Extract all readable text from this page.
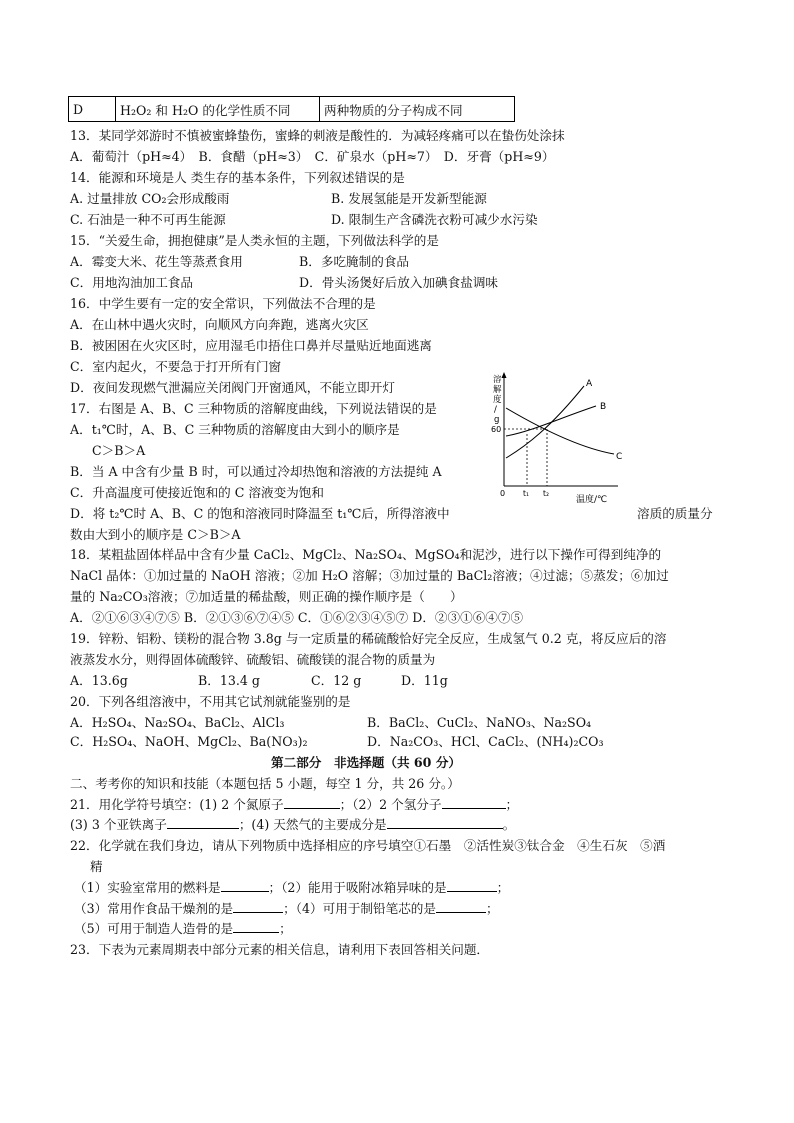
D	H₂O₂ 和 H₂O 的化学性质不同	两种物质的分子构成不同
13．某同学郊游时不慎被蜜蜂蛰伤，蜜蜂的刺液是酸性的．为减轻疼痛可以在蛰伤处涂抹
A．葡萄汁（pH≈4）　B．食醋（pH≈3）　C．矿泉水（pH≈7）　D．牙膏（pH≈9）
14．能源和环境是人 类生存的基本条件，下列叙述错误的是
A. 过量排放 CO₂会形成酸雨	B. 发展氢能是开发新型能源
C. 石油是一种不可再生能源	D. 限制生产含磷洗衣粉可减少水污染
15．“关爱生命，拥抱健康”是人类永恒的主题，下列做法科学的是
A．霉变大米、花生等蒸煮食用	B．多吃腌制的食品
C．用地沟油加工食品	D．骨头汤煲好后放入加碘食盐调味
16．中学生要有一定的安全常识，下列做法不合理的是
A．在山林中遇火灾时，向顺风方向奔跑，逃离火灾区
B．被困困在火灾区时，应用湿毛巾捂住口鼻并尽量贴近地面逃离
C．室内起火，不要急于打开所有门窗
D．夜间发现燃气泄漏应关闭阀门开窗通风，不能立即开灯
17．右图是 A、B、C 三种物质的溶解度曲线，下列说法错误的是
A．t₁℃时，A、B、C 三种物质的溶解度由大到小的顺序是
C＞B＞A
B．当 A 中含有少量 B 时，可以通过冷却热饱和溶液的方法提纯 A
C．升高温度可使接近饱和的 C 溶液变为饱和
D．将 t₂℃时 A、B、C 的饱和溶液同时降温至 t₁℃后，所得溶液中	溶质的质量分
数由大到小的顺序是 C＞B＞A
溶
解
度
/
g
60
A
B
C
0 t₁ t₂
温度/℃
18．某粗盐固体样品中含有少量 CaCl₂、MgCl₂、Na₂SO₄、MgSO₄和泥沙，进行以下操作可得到纯净的
NaCl 晶体：①加过量的 NaOH 溶液；②加 H₂O 溶解；③加过量的 BaCl₂溶液；④过滤；⑤蒸发；⑥加过
量的 Na₂CO₃溶液；⑦加适量的稀盐酸，则正确的操作顺序是（　　）
A．②①⑥③④⑦⑤ B．②①③⑥⑦④⑤ C．①⑥②③④⑤⑦ D．②③①⑥④⑦⑤
19．锌粉、铝粉、镁粉的混合物 3.8g 与一定质量的稀硫酸恰好完全反应，生成氢气 0.2 克，将反应后的溶
液蒸发水分，则得固体硫酸锌、硫酸铝、硫酸镁的混合物的质量为
A．13.6g	B．13.4 g	C．12 g	D．11g
20．下列各组溶液中，不用其它试剂就能鉴别的是
A．H₂SO₄、Na₂SO₄、BaCl₂、AlCl₃	B．BaCl₂、CuCl₂、NaNO₃、Na₂SO₄
C．H₂SO₄、NaOH、MgCl₂、Ba(NO₃)₂	D．Na₂CO₃、HCl、CaCl₂、(NH₄)₂CO₃
第二部分　非选择题（共 60 分）
二、考考你的知识和技能（本题包括 5 小题，每空 1 分，共 26 分。）
21．用化学符号填空：(1) 2 个氮原子	；（2）2 个氢分子	；
(3) 3 个亚铁离子	；(4) 天然气的主要成分是	。
22．化学就在我们身边，请从下列物质中选择相应的序号填空①石墨　②活性炭③钛合金　④生石灰　⑤酒
精
（1）实验室常用的燃料是	；（2）能用于吸附冰箱异味的是	；
（3）常用作食品干燥剂的是	；（4）可用于制铅笔芯的是	；
（5）可用于制造人造骨的是	；
23．下表为元素周期表中部分元素的相关信息，请利用下表回答相关问题．
